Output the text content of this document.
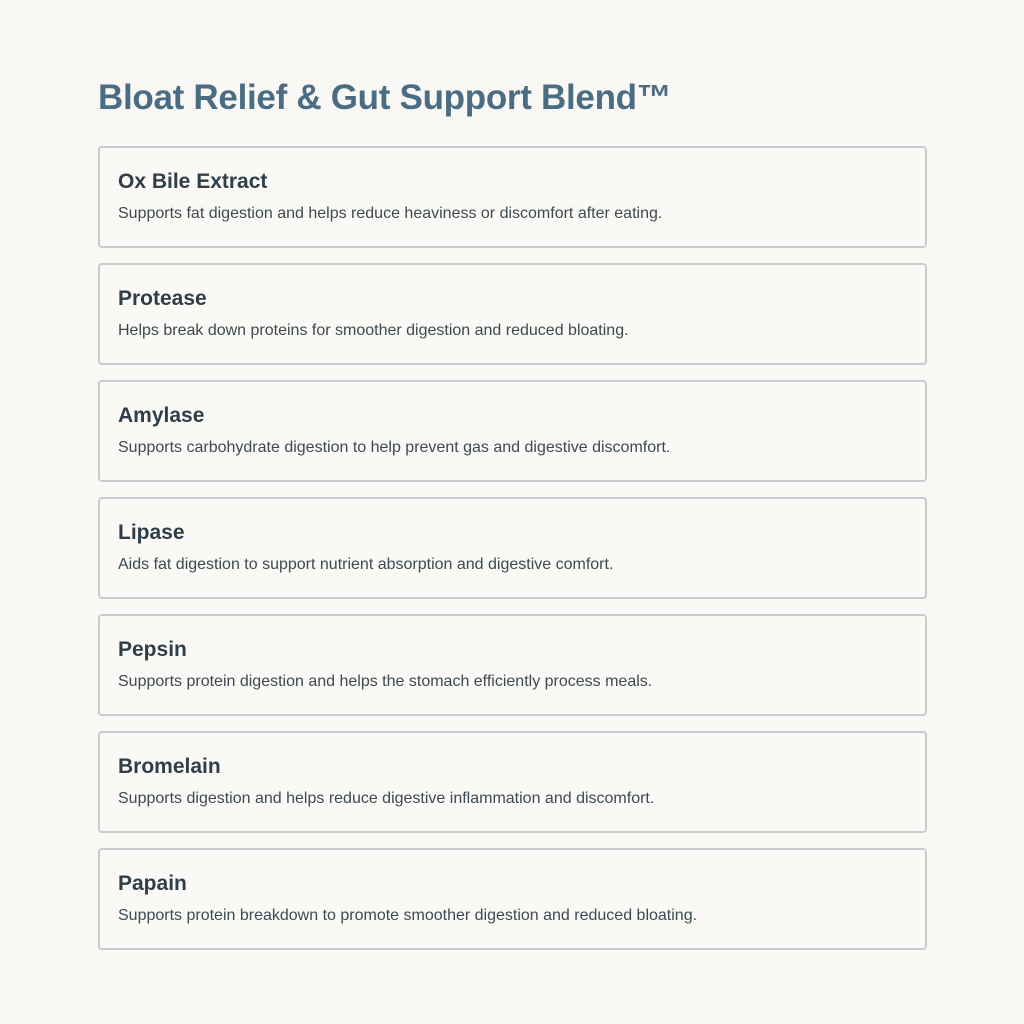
Bloat Relief & Gut Support Blend™
Ox Bile Extract

Supports fat digestion and helps reduce heaviness or discomfort after eating.

Protease

Helps break down proteins for smoother digestion and reduced bloating.

Amylase

Supports carbohydrate digestion to help prevent gas and digestive discomfort.

Lipase

Aids fat digestion to support nutrient absorption and digestive comfort.

Pepsin

Supports protein digestion and helps the stomach efficiently process meals.

Bromelain

Supports digestion and helps reduce digestive inflammation and discomfort.

Papain

Supports protein breakdown to promote smoother digestion and reduced bloating.
